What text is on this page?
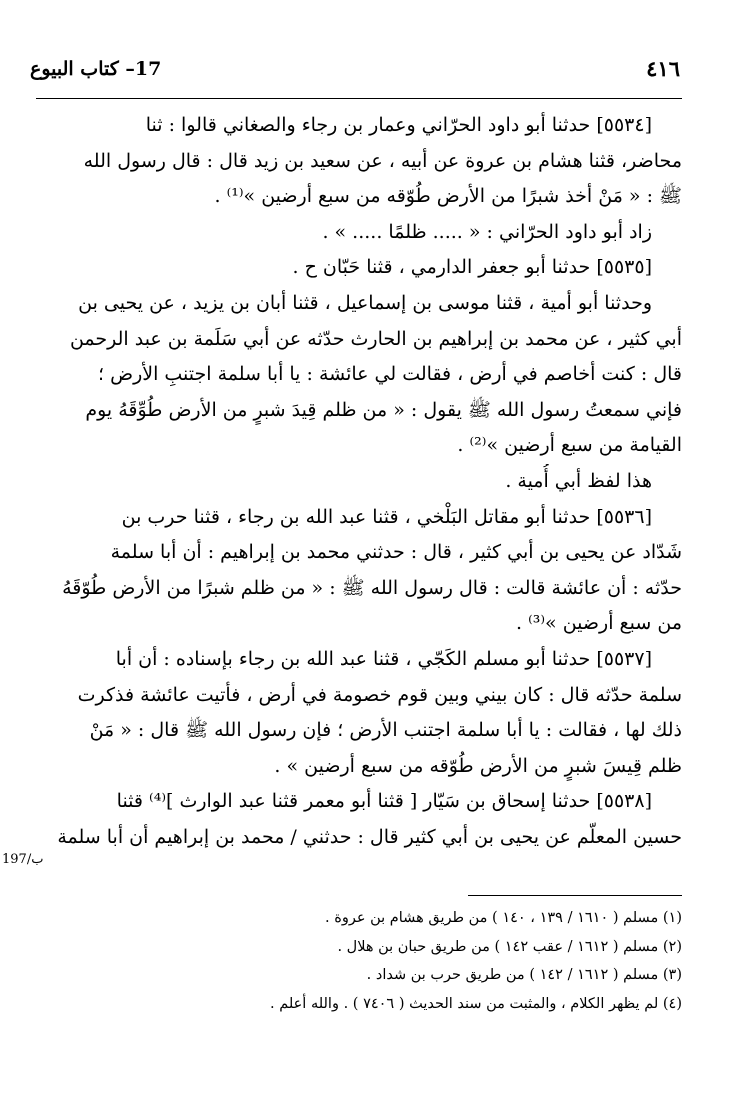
٤١٦
17– كتاب البيوع
[٥٥٣٤] حدثنا أبو داود الحرّاني وعمار بن رجاء والصغاني قالوا : ثنا
محاضر، قثنا هشام بن عروة عن أبيه ، عن سعيد بن زيد قال : قال رسول الله
ﷺ : « مَنْ أخذ شبرًا من الأرض طُوّقه من سبع أرضين »⁽¹⁾ .
زاد أبو داود الحرّاني : « ..... ظلمًا ..... » .
[٥٥٣٥] حدثنا أبو جعفر الدارمي ، قثنا حَبّان ح .
وحدثنا أبو أمية ، قثنا موسى بن إسماعيل ، قثنا أبان بن يزيد ، عن يحيى بن
أبي كثير ، عن محمد بن إبراهيم بن الحارث حدّثه عن أبي سَلَمة بن عبد الرحمن
قال : كنت أخاصم في أرض ، فقالت لي عائشة : يا أبا سلمة اجتنبِ الأرض ؛
فإني سمعتُ رسول الله ﷺ يقول : « من ظلم قِيدَ شبرٍ من الأرض طُوِّقَهُ يوم
القيامة من سبع أرضين »⁽²⁾ .
هذا لفظ أبي أُمية .
[٥٥٣٦] حدثنا أبو مقاتل البَلْخي ، قثنا عبد الله بن رجاء ، قثنا حرب بن
شَدّاد عن يحيى بن أبي كثير ، قال : حدثني محمد بن إبراهيم : أن أبا سلمة
حدّثه : أن عائشة قالت : قال رسول الله ﷺ : « من ظلم شبرًا من الأرض طُوّقَهُ
من سبع أرضين »⁽³⁾ .
[٥٥٣٧] حدثنا أبو مسلم الكَجّي ، قثنا عبد الله بن رجاء بإسناده : أن أبا
سلمة حدّثه قال : كان بيني وبين قوم خصومة في أرض ، فأتيت عائشة فذكرت
ذلك لها ، فقالت : يا أبا سلمة اجتنب الأرض ؛ فإن رسول الله ﷺ قال : « مَنْ
ظلم قِيسَ شبرٍ من الأرض طُوّقه من سبع أرضين » .
[٥٥٣٨] حدثنا إسحاق بن سَيّار [ قثنا أبو معمر قثنا عبد الوارث ]⁽⁴⁾ قثنا
حسين المعلّم عن يحيى بن أبي كثير قال : حدثني / محمد بن إبراهيم أن أبا سلمة
197/ب
(١) مسلم ( ١٦١٠ / ١٣٩ ، ١٤٠ ) من طريق هشام بن عروة .
(٢) مسلم ( ١٦١٢ / عقب ١٤٢ ) من طريق حبان بن هلال .
(٣) مسلم ( ١٦١٢ / ١٤٢ ) من طريق حرب بن شداد .
(٤) لم يظهر الكلام ، والمثبت من سند الحديث ( ٧٤٠٦ ) . والله أعلم .
